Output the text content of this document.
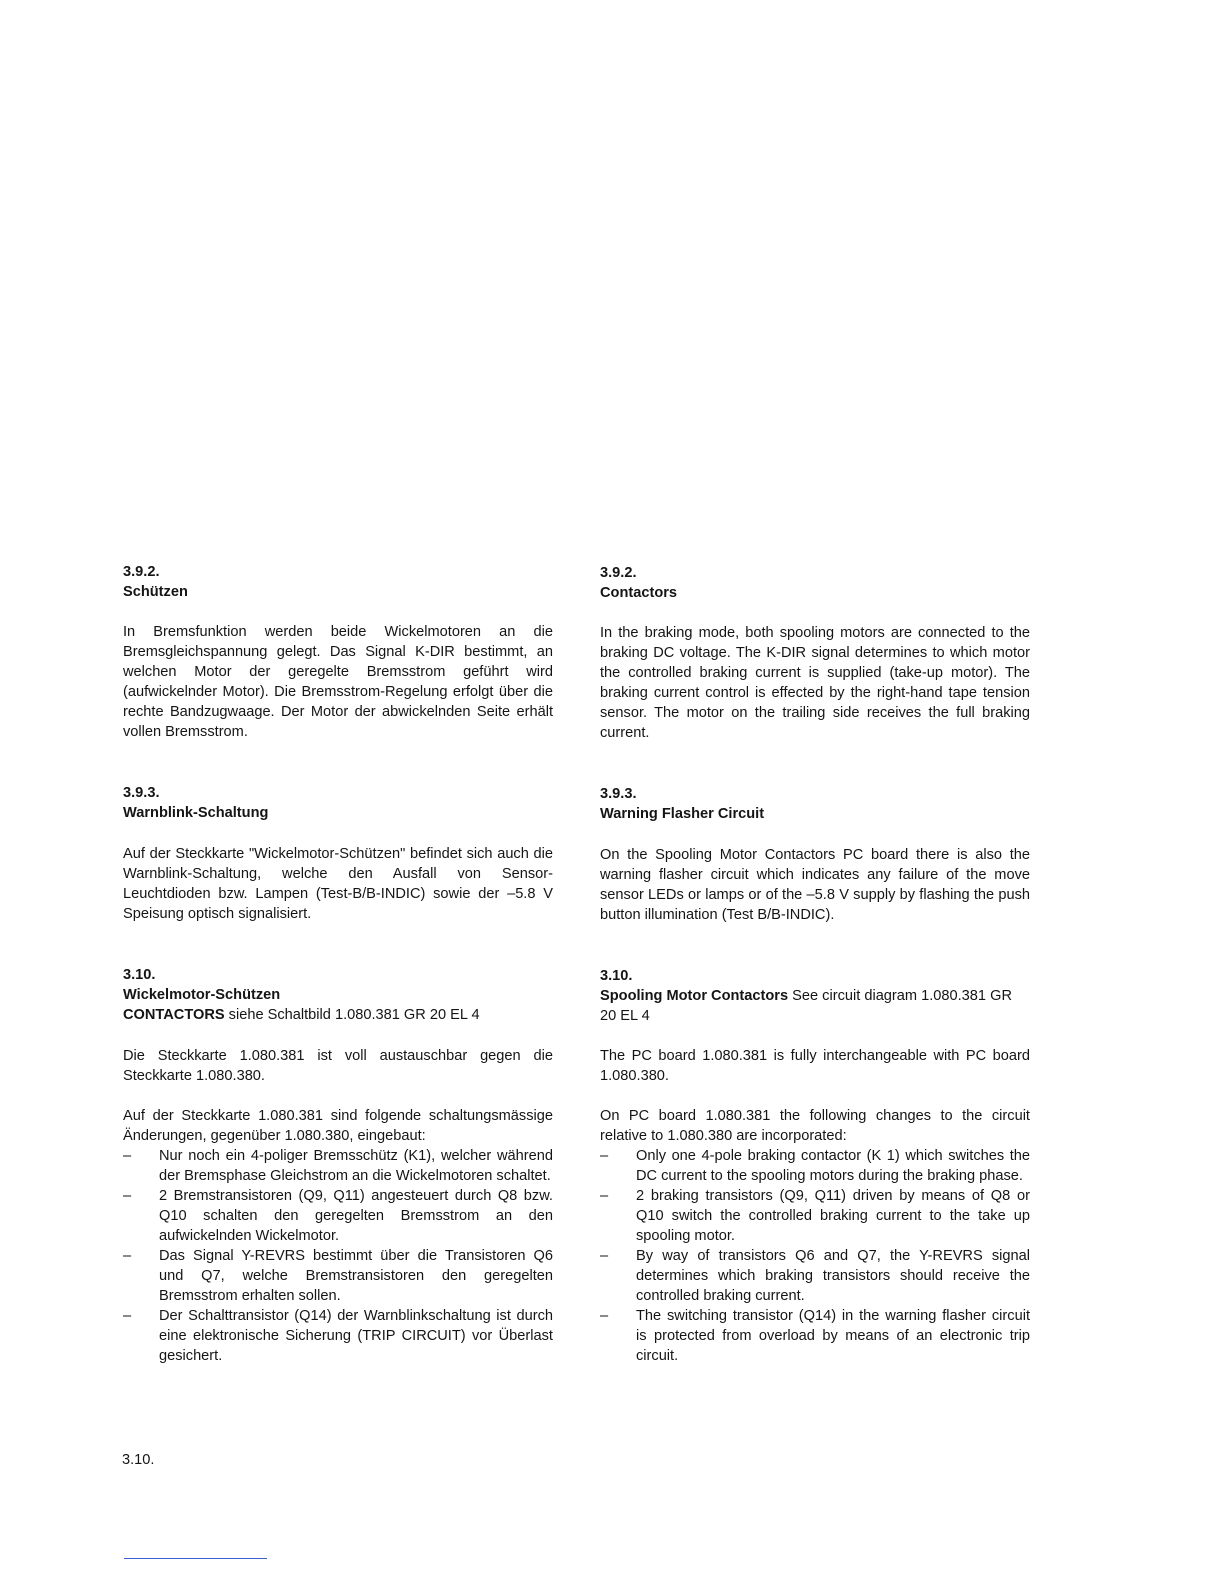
3.9.2.
Schützen

In Bremsfunktion werden beide Wickelmotoren an die Bremsgleichspannung gelegt. Das Signal K-DIR bestimmt, an welchen Motor der geregelte Bremsstrom geführt wird (aufwickelnder Motor). Die Bremsstrom-Regelung erfolgt über die rechte Bandzugwaage. Der Motor der abwickelnden Seite erhält vollen Bremsstrom.

3.9.3.
Warnblink-Schaltung

Auf der Steckkarte "Wickelmotor-Schützen" befindet sich auch die Warnblink-Schaltung, welche den Ausfall von Sensor-Leuchtdioden bzw. Lampen (Test-B/B-INDIC) sowie der –5.8 V Speisung optisch signalisiert.

3.10.
Wickelmotor-Schützen
CONTACTORS siehe Schaltbild 1.080.381 GR 20 EL 4

Die Steckkarte 1.080.381 ist voll austauschbar gegen die Steckkarte 1.080.380.

Auf der Steckkarte 1.080.381 sind folgende schaltungsmässige Änderungen, gegenüber 1.080.380, eingebaut:

– Nur noch ein 4-poliger Bremsschütz (K1), welcher während der Bremsphase Gleichstrom an die Wickelmotoren schaltet.
– 2 Bremstransistoren (Q9, Q11) angesteuert durch Q8 bzw. Q10 schalten den geregelten Bremsstrom an den aufwickelnden Wickelmotor.
– Das Signal Y-REVRS bestimmt über die Transistoren Q6 und Q7, welche Bremstransistoren den geregelten Bremsstrom erhalten sollen.
– Der Schalttransistor (Q14) der Warnblinkschaltung ist durch eine elektronische Sicherung (TRIP CIRCUIT) vor Überlast gesichert.
3.9.2.
Contactors

In the braking mode, both spooling motors are connected to the braking DC voltage. The K-DIR signal determines to which motor the controlled braking current is supplied (take-up motor). The braking current control is effected by the right-hand tape tension sensor. The motor on the trailing side receives the full braking current.

3.9.3.
Warning Flasher Circuit

On the Spooling Motor Contactors PC board there is also the warning flasher circuit which indicates any failure of the move sensor LEDs or lamps or of the –5.8 V supply by flashing the push button illumination (Test B/B-INDIC).

3.10.
Spooling Motor Contactors See circuit diagram 1.080.381 GR 20 EL 4

The PC board 1.080.381 is fully interchangeable with PC board 1.080.380.

On PC board 1.080.381 the following changes to the circuit relative to 1.080.380 are incorporated:

– Only one 4-pole braking contactor (K 1) which switches the DC current to the spooling motors during the braking phase.
– 2 braking transistors (Q9, Q11) driven by means of Q8 or Q10 switch the controlled braking current to the take up spooling motor.
– By way of transistors Q6 and Q7, the Y-REVRS signal determines which braking transistors should receive the controlled braking current.
– The switching transistor (Q14) in the warning flasher circuit is protected from overload by means of an electronic trip circuit.
3.10.
